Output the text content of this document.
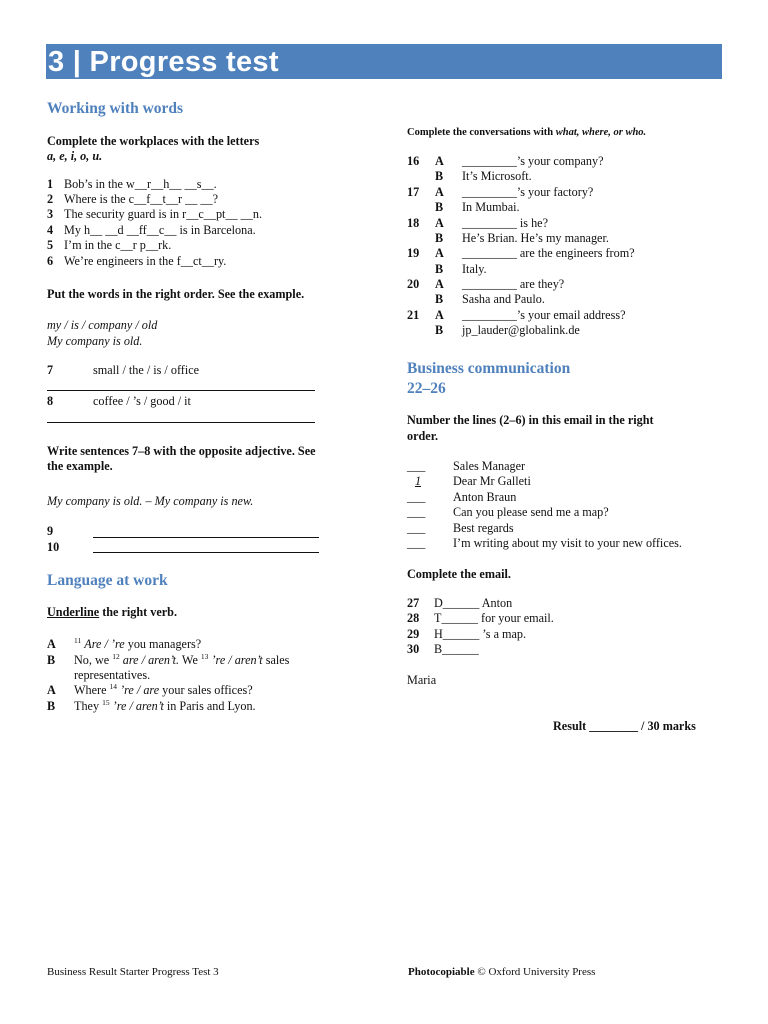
3 | Progress test
Working with words
Complete the workplaces with the letters
a, e, i, o, u.
1 Bob’s in the w__r__h__ __s__.
2 Where is the c__f__t__r __ __?
3 The security guard is in r__c__pt__ __n.
4 My h__ __d __ff__c__ is in Barcelona.
5 I’m in the c__r p__rk.
6 We’re engineers in the f__ct__ry.
Put the words in the right order. See the example.
my / is / company / old
My company is old.
7	small / the / is / office
8	coffee / ’s / good / it
Write sentences 7–8 with the opposite adjective. See
the example.
My company is old. – My company is new.
9
10
Language at work
Underline the right verb.
A $^{11}$ Are / ’re you managers?
B No, we $^{12}$ are / aren’t. We $^{13}$ ’re / aren’t sales
representatives.
A Where $^{14}$ ’re / are your sales offices?
B They $^{15}$ ’re / aren’t in Paris and Lyon.
Complete the conversations with what, where, or who.
16 A _________’s your company?
B It’s Microsoft.
17 A _________’s your factory?
B In Mumbai.
18 A _________ is he?
B He’s Brian. He’s my manager.
19 A _________ are the engineers from?
B Italy.
20 A _________ are they?
B Sasha and Paulo.
21 A _________’s your email address?
B jp_lauder@globalink.de
Business communication
22–26
Number the lines (2–6) in this email in the right
order.
___ Sales Manager
1	Dear Mr Galleti
___ Anton Braun
___ Can you please send me a map?
___ Best regards
___ I’m writing about my visit to your new offices.
Complete the email.
27 D______ Anton
28 T______ for your email.
29 H______ ’s a map.
30 B______
Maria
Result ________ / 30 marks
Business Result Starter Progress Test 3	Photocopiable © Oxford University Press
